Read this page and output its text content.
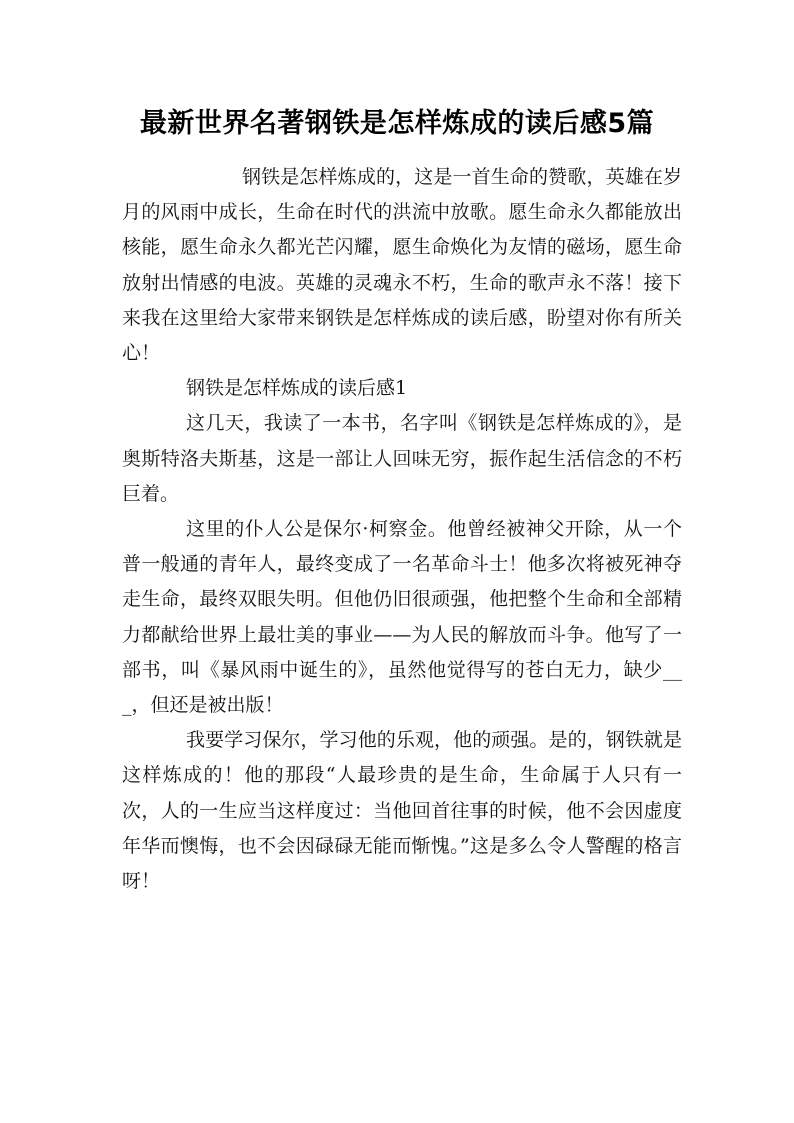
最新世界名著钢铁是怎样炼成的读后感5篇

钢铁是怎样炼成的，这是一首生命的赞歌，英雄在岁月的风雨中成长，生命在时代的洪流中放歌。愿生命永久都能放出核能，愿生命永久都光芒闪耀，愿生命焕化为友情的磁场，愿生命放射出情感的电波。英雄的灵魂永不朽，生命的歌声永不落！接下来我在这里给大家带来钢铁是怎样炼成的读后感，盼望对你有所关心！

钢铁是怎样炼成的读后感1

这几天，我读了一本书，名字叫《钢铁是怎样炼成的》，是奥斯特洛夫斯基，这是一部让人回味无穷，振作起生活信念的不朽巨着。

这里的仆人公是保尔·柯察金。他曾经被神父开除，从一个普一般通的青年人，最终变成了一名革命斗士！他多次将被死神夺走生命，最终双眼失明。但他仍旧很顽强，他把整个生命和全部精力都献给世界上最壮美的事业——为人民的解放而斗争。他写了一部书，叫《暴风雨中诞生的》，虽然他觉得写的苍白无力，缺少___，但还是被出版！

我要学习保尔，学习他的乐观，他的顽强。是的，钢铁就是这样炼成的！他的那段“人最珍贵的是生命，生命属于人只有一次，人的一生应当这样度过：当他回首往事的时候，他不会因虚度年华而懊悔，也不会因碌碌无能而惭愧。”这是多么令人警醒的格言呀！
